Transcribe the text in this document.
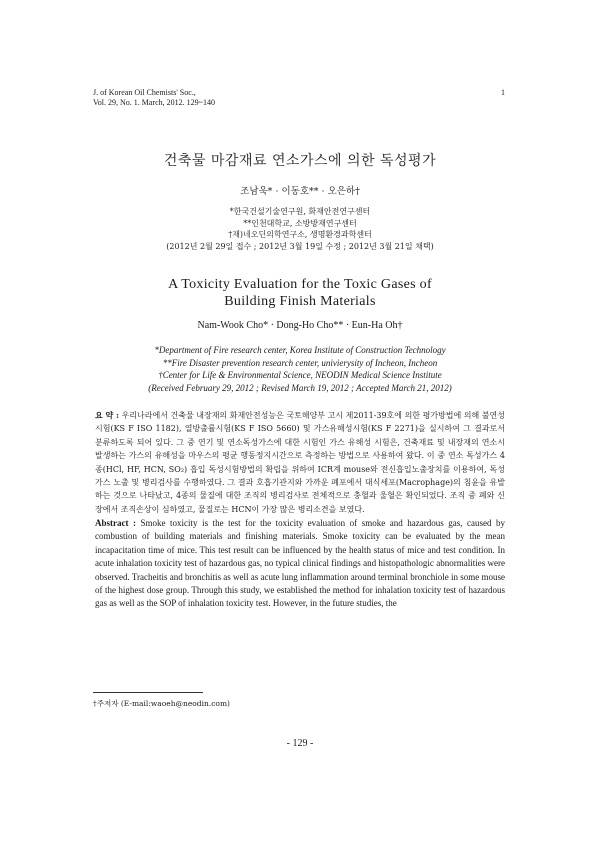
J. of Korean Oil Chemists' Soc.,
Vol. 29, No. 1. March, 2012. 129~140
1
건축물 마감재료 연소가스에 의한 독성평가
조남욱* · 이동호** · 오은하†
*한국건설기술연구원, 화재안전연구센터
**인천대학교, 소방방재연구센터
†재)네오딘의학연구소, 생명환경과학센터
(2012년 2월 29일 접수 ; 2012년 3월 19일 수정 ; 2012년 3월 21일 채택)
A Toxicity Evaluation for the Toxic Gases of
Building Finish Materials
Nam-Wook Cho* · Dong-Ho Cho** · Eun-Ha Oh†
*Department of Fire research center, Korea Institute of Construction Technology
**Fire Disaster prevention research center, univierysity of Incheon, Incheon
†Center for Life & Environmental Science, NEODIN Medical Science Institute
(Received February 29, 2012 ; Revised March 19, 2012 ; Accepted March 21, 2012)
요 약 : 우리나라에서 건축물 내장재의 화재안전성능은 국토해양부 고시 제2011-39호에 의한 평가방법에 의해 불연성시험(KS F ISO 1182), 열방출률시험(KS F ISO 5660) 및 가스유해성시험(KS F 2271)을 실시하여 그 결과로서 분류하도록 되어 있다. 그 중 연기 및 연소독성가스에 대한 시험인 가스 유해성 시험은, 건축재료 및 내장재의 연소시 발생하는 가스의 유해성을 마우스의 평균 행동정지시간으로 측정하는 방법으로 사용하여 왔다. 이 중 연소 독성가스 4종(HCl, HF, HCN, SO₂) 흡입 독성시험방법의 확립을 위하여 ICR계 mouse와 전신흡입노출장치를 이용하여, 독성가스 노출 및 병리검사를 수행하였다. 그 결과 호흡기관지와 가까운 폐포에서 대식세포(Macrophage)의 침윤을 유발하는 것으로 나타났고, 4종의 물질에 대한 조직의 병리검사로 전체적으로 충혈과 울혈은 확인되었다. 조직 중 폐와 신장에서 조직손상이 심하였고, 물질로는 HCN이 가장 많은 병리소견을 보였다.
Abstract : Smoke toxicity is the test for the toxicity evaluation of smoke and hazardous gas, caused by combustion of building materials and finishing materials. Smoke toxicity can be evaluated by the mean incapacitation time of mice. This test result can be influenced by the health status of mice and test condition. In acute inhalation toxicity test of hazardous gas, no typical clinical findings and histopathologic abnormalities were observed. Tracheitis and bronchitis as well as acute lung inflammation around terminal bronchiole in some mouse of the highest dose group. Through this study, we established the method for inhalation toxicity test of hazardous gas as well as the SOP of inhalation toxicity test. However, in the future studies, the
†주저자 (E-mail:waoeh@neodin.com)
- 129 -
